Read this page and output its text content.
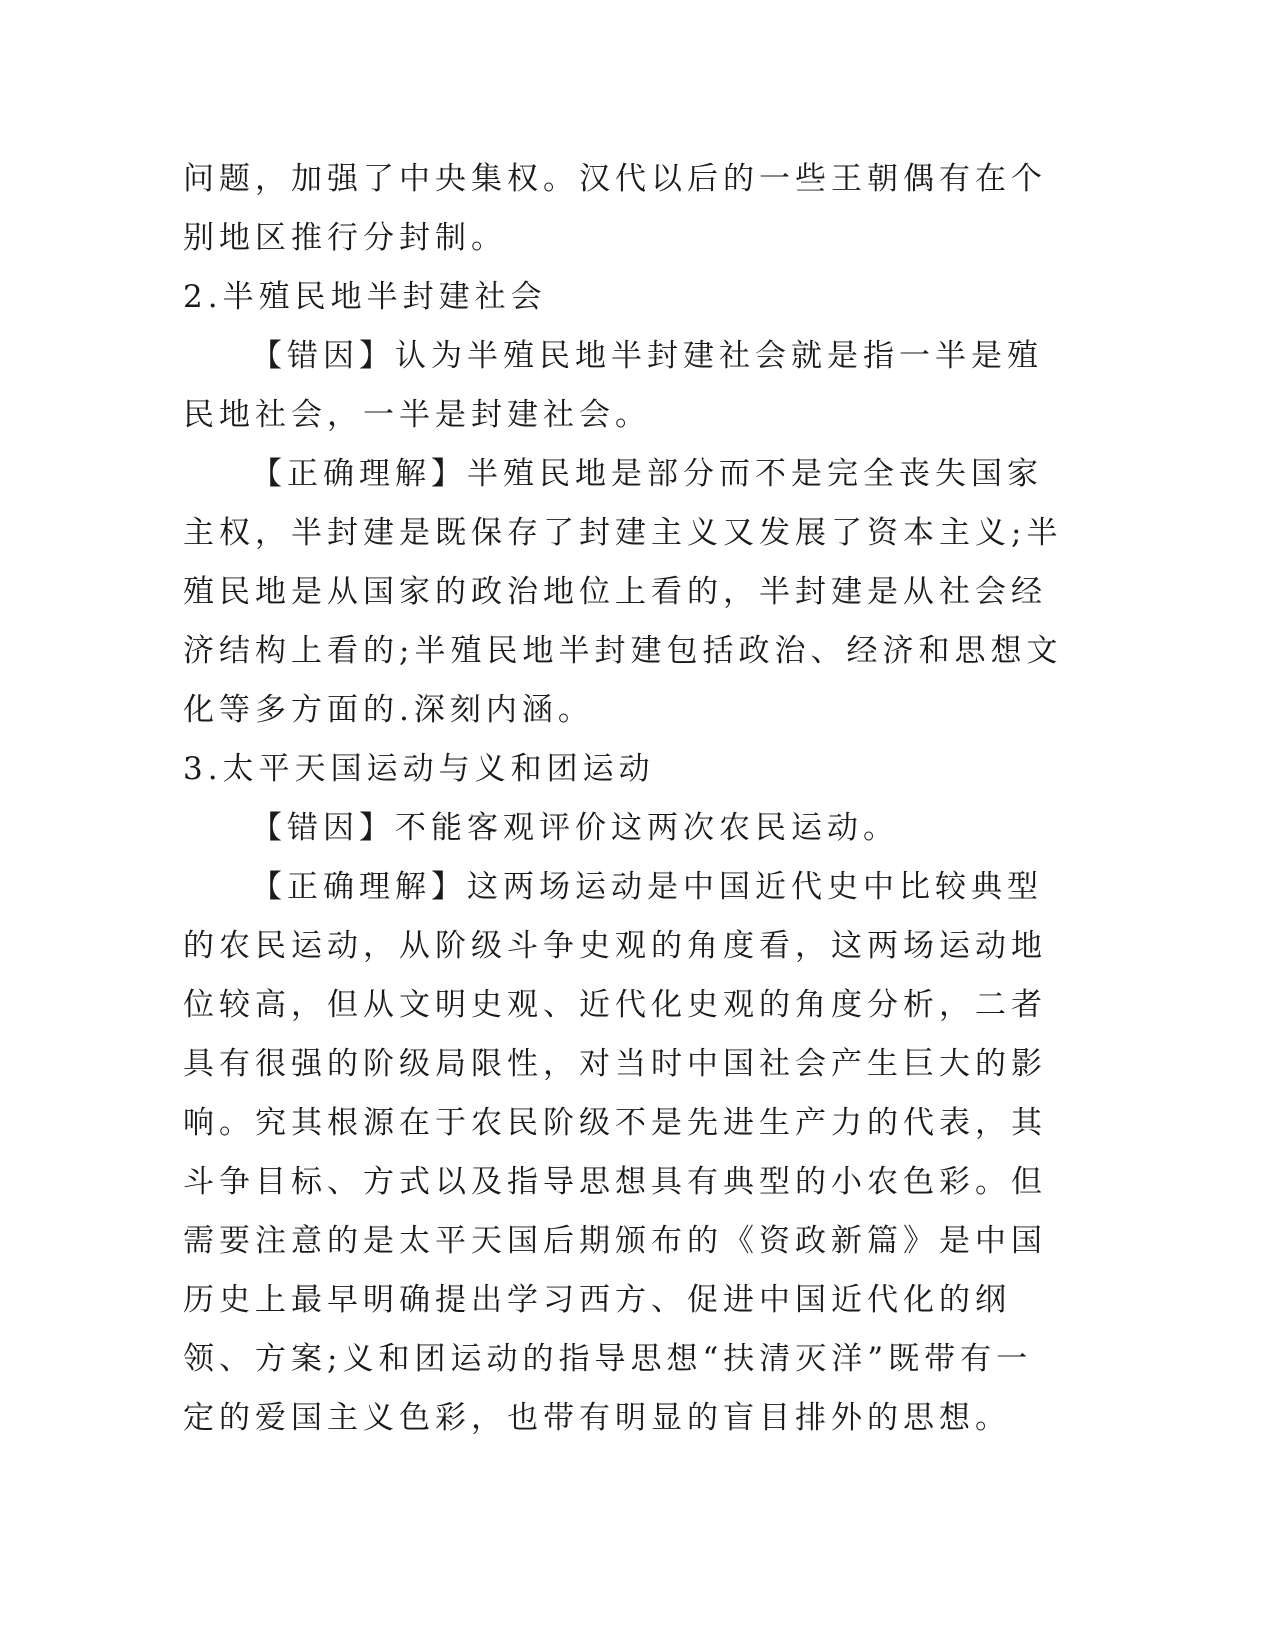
问题，加强了中央集权。汉代以后的一些王朝偶有在个别地区推行分封制。

2.半殖民地半封建社会

【错因】认为半殖民地半封建社会就是指一半是殖民地社会，一半是封建社会。

【正确理解】半殖民地是部分而不是完全丧失国家主权，半封建是既保存了封建主义又发展了资本主义;半殖民地是从国家的政治地位上看的，半封建是从社会经济结构上看的;半殖民地半封建包括政治、经济和思想文化等多方面的.深刻内涵。

3.太平天国运动与义和团运动

【错因】不能客观评价这两次农民运动。

【正确理解】这两场运动是中国近代史中比较典型的农民运动，从阶级斗争史观的角度看，这两场运动地位较高，但从文明史观、近代化史观的角度分析，二者具有很强的阶级局限性，对当时中国社会产生巨大的影响。究其根源在于农民阶级不是先进生产力的代表，其斗争目标、方式以及指导思想具有典型的小农色彩。但需要注意的是太平天国后期颁布的《资政新篇》是中国历史上最早明确提出学习西方、促进中国近代化的纲领、方案;义和团运动的指导思想“扶清灭洋”既带有一定的爱国主义色彩，也带有明显的盲目排外的思想。
